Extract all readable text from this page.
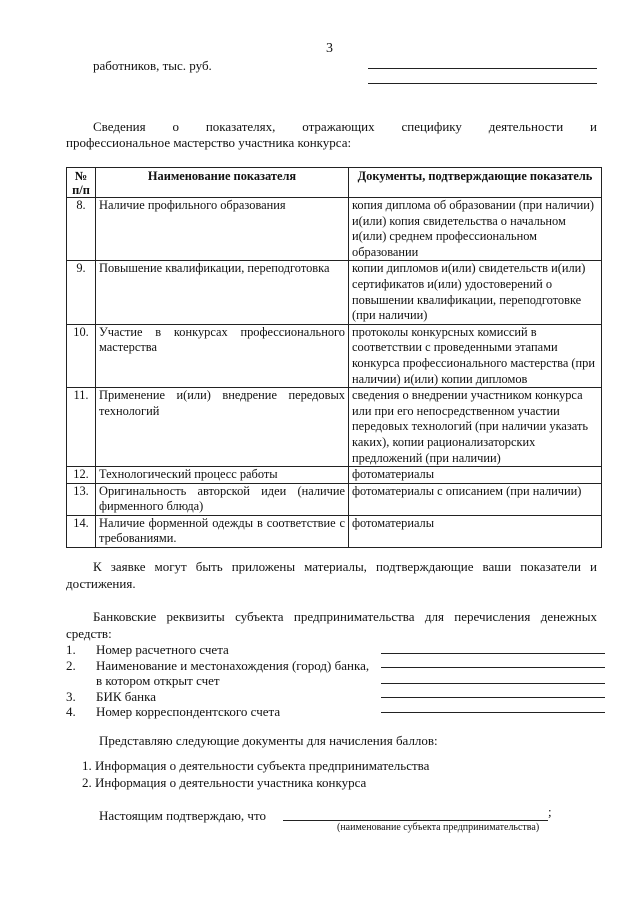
3
работников, тыс. руб.
Сведения о показателях, отражающих специфику деятельности и
профессиональное мастерство участника конкурса:
№ п/п	Наименование показателя	Документы, подтверждающие показатель
8.	Наличие профильного образования	копия диплома об образовании (при наличии) и(или) копия свидетельства о начальном и(или) среднем профессиональном образовании
9.	Повышение квалификации, переподготовка	копии дипломов и(или) свидетельств и(или) сертификатов и(или) удостоверений о повышении квалификации, переподготовке (при наличии)
10.	Участие в конкурсах профессионального мастерства	протоколы конкурсных комиссий в соответствии с проведенными этапами конкурса профессионального мастерства (при наличии) и(или) копии дипломов
11.	Применение и(или) внедрение передовых технологий	сведения о внедрении участником конкурса или при его непосредственном участии передовых технологий (при наличии указать каких), копии рационализаторских предложений (при наличии)
12.	Технологический процесс работы	фотоматериалы
13.	Оригинальность авторской идеи (наличие фирменного блюда)	фотоматериалы с описанием (при наличии)
14.	Наличие форменной одежды в соответствие с требованиями.	фотоматериалы
К заявке могут быть приложены материалы, подтверждающие ваши показатели и
достижения.
Банковские реквизиты субъекта предпринимательства для перечисления денежных
средств:
1. Номер расчетного счета
2. Наименование и местонахождения (город) банка,
в котором открыт счет
3. БИК банка
4. Номер корреспондентского счета
Представляю следующие документы для начисления баллов:
1. Информация о деятельности субъекта предпринимательства
2. Информация о деятельности участника конкурса
Настоящим подтверждаю, что	;
(наименование субъекта предпринимательства)
